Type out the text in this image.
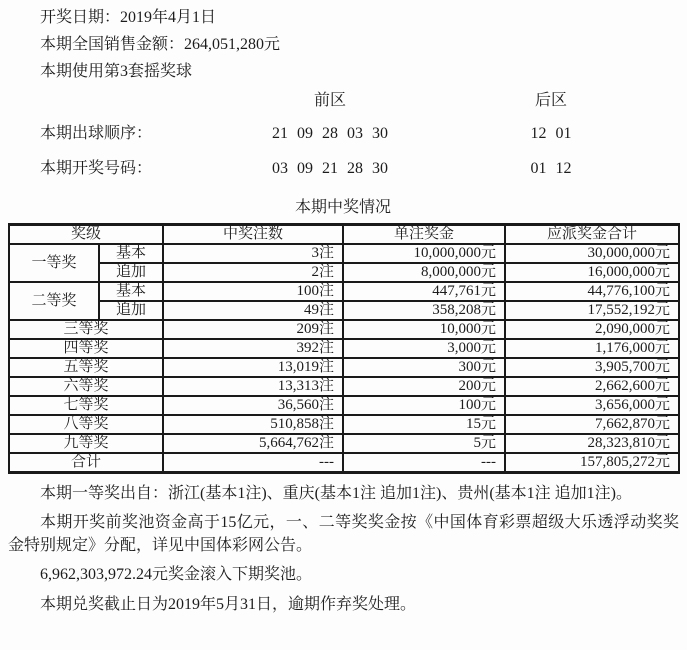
开奖日期：2019年4月1日
本期全国销售金额：264,051,280元
本期使用第3套摇奖球
前区	后区
本期出球顺序：	21 09 28 03 30	12 01
本期开奖号码：	03 09 21 28 30	01 12
本期中奖情况
奖级		中奖注数	单注奖金	应派奖金合计
一等奖	基本	3注	10,000,000元	30,000,000元
	追加	2注	8,000,000元	16,000,000元
二等奖	基本	100注	447,761元	44,776,100元
	追加	49注	358,208元	17,552,192元
三等奖		209注	10,000元	2,090,000元
四等奖		392注	3,000元	1,176,000元
五等奖		13,019注	300元	3,905,700元
六等奖		13,313注	200元	2,662,600元
七等奖		36,560注	100元	3,656,000元
八等奖		510,858注	15元	7,662,870元
九等奖		5,664,762注	5元	28,323,810元
合计		---	---	157,805,272元

本期一等奖出自：浙江(基本1注)、重庆(基本1注 追加1注)、贵州(基本1注 追加1注)。

本期开奖前奖池资金高于15亿元，一、二等奖奖金按《中国体育彩票超级大乐透浮动奖奖金特别规定》分配，详见中国体彩网公告。

6,962,303,972.24元奖金滚入下期奖池。

本期兑奖截止日为2019年5月31日，逾期作弃奖处理。
